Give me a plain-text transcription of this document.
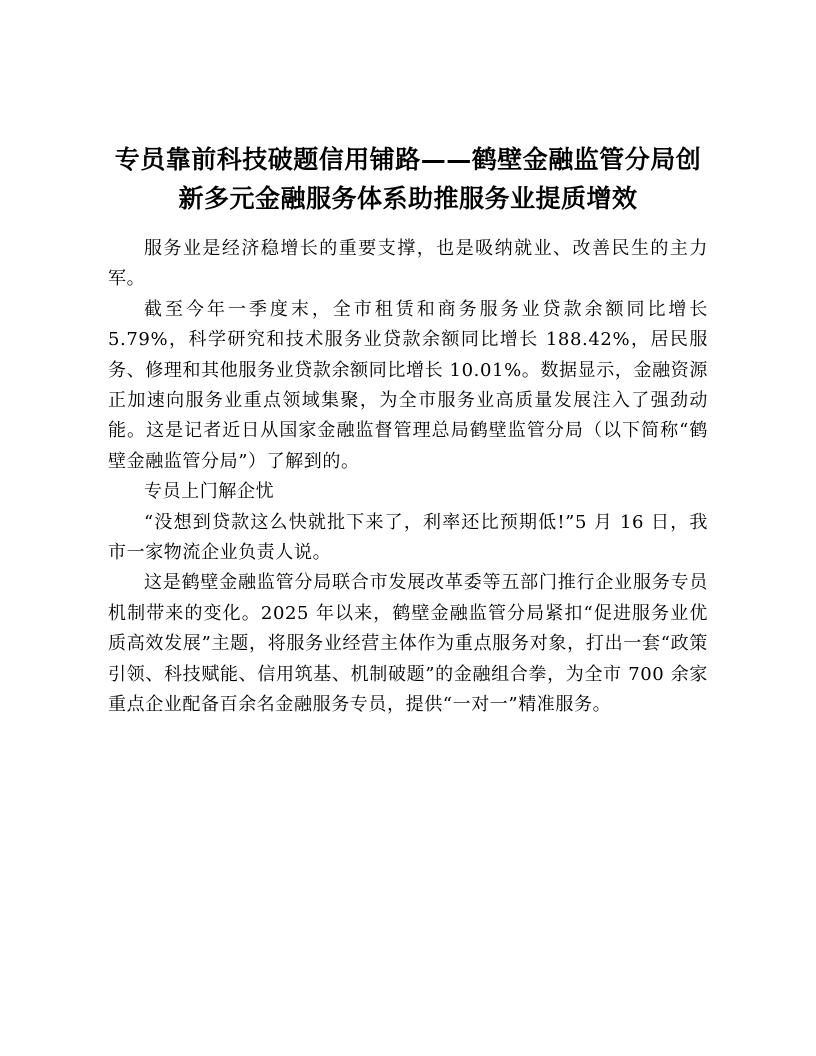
专员靠前科技破题信用铺路——鹤壁金融监管分局创新多元金融服务体系助推服务业提质增效

服务业是经济稳增长的重要支撑，也是吸纳就业、改善民生的主力军。

截至今年一季度末，全市租赁和商务服务业贷款余额同比增长 5.79%，科学研究和技术服务业贷款余额同比增长 188.42%，居民服务、修理和其他服务业贷款余额同比增长 10.01%。数据显示，金融资源正加速向服务业重点领域集聚，为全市服务业高质量发展注入了强劲动能。这是记者近日从国家金融监督管理总局鹤壁监管分局（以下简称“鹤壁金融监管分局”）了解到的。

专员上门解企忧

“没想到贷款这么快就批下来了，利率还比预期低!”5 月 16 日，我市一家物流企业负责人说。

这是鹤壁金融监管分局联合市发展改革委等五部门推行企业服务专员机制带来的变化。2025 年以来，鹤壁金融监管分局紧扣“促进服务业优质高效发展”主题，将服务业经营主体作为重点服务对象，打出一套“政策引领、科技赋能、信用筑基、机制破题”的金融组合拳，为全市 700 余家重点企业配备百余名金融服务专员，提供“一对一”精准服务。
